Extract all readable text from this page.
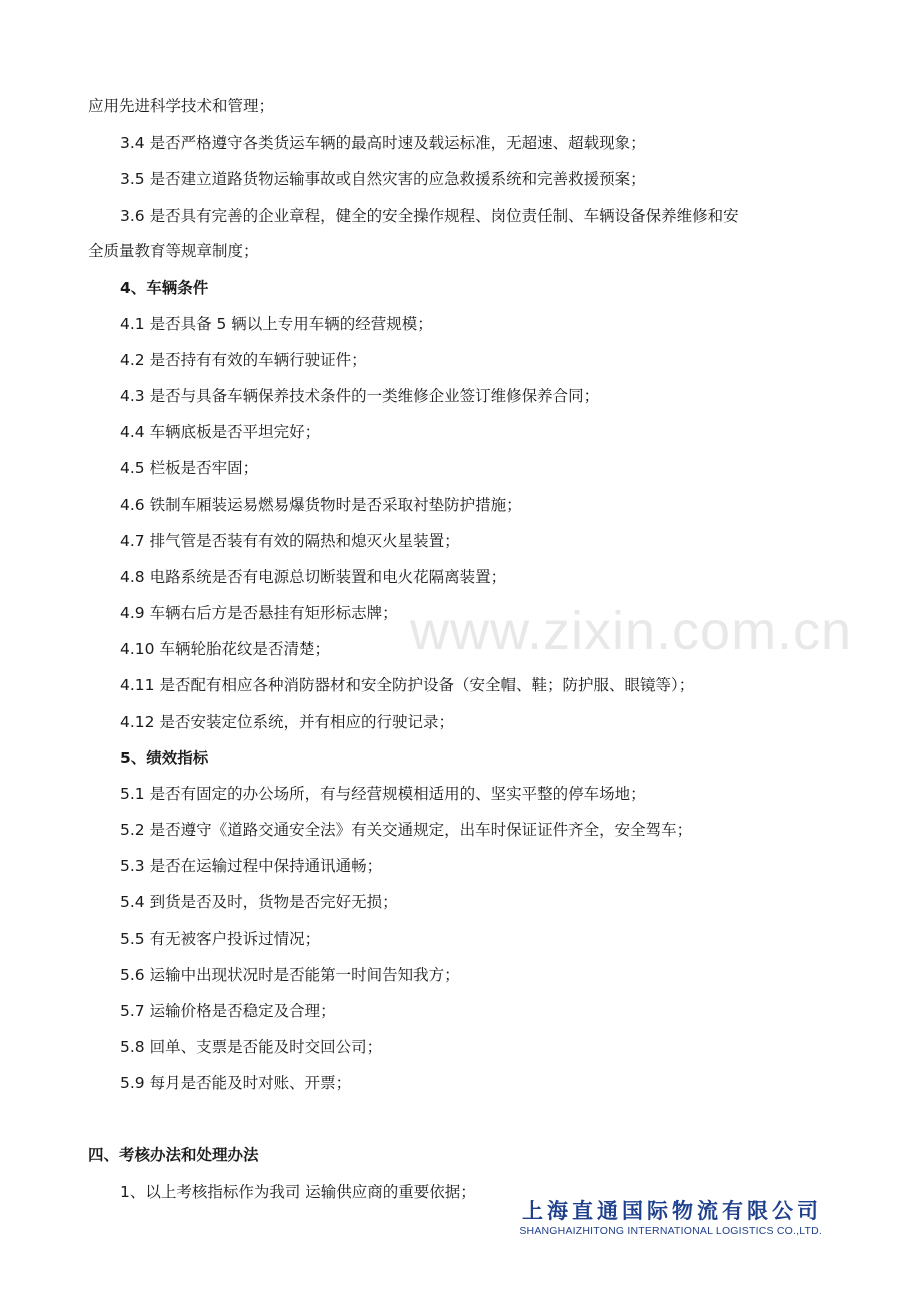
应用先进科学技术和管理；
3.4 是否严格遵守各类货运车辆的最高时速及载运标准，无超速、超载现象；
3.5 是否建立道路货物运输事故或自然灾害的应急救援系统和完善救援预案；
3.6 是否具有完善的企业章程，健全的安全操作规程、岗位责任制、车辆设备保养维修和安
全质量教育等规章制度；
4、车辆条件
4.1 是否具备 5 辆以上专用车辆的经营规模；
4.2 是否持有有效的车辆行驶证件；
4.3 是否与具备车辆保养技术条件的一类维修企业签订维修保养合同；
4.4 车辆底板是否平坦完好；
4.5 栏板是否牢固；
4.6 铁制车厢装运易燃易爆货物时是否采取衬垫防护措施；
4.7 排气管是否装有有效的隔热和熄灭火星装置；
4.8 电路系统是否有电源总切断装置和电火花隔离装置；
4.9 车辆右后方是否悬挂有矩形标志牌；
4.10 车辆轮胎花纹是否清楚；
4.11 是否配有相应各种消防器材和安全防护设备（安全帽、鞋；防护服、眼镜等）；
4.12 是否安装定位系统，并有相应的行驶记录；
5、绩效指标
5.1 是否有固定的办公场所，有与经营规模相适用的、坚实平整的停车场地；
5.2 是否遵守《道路交通安全法》有关交通规定，出车时保证证件齐全，安全驾车；
5.3 是否在运输过程中保持通讯通畅；
5.4 到货是否及时，货物是否完好无损；
5.5 有无被客户投诉过情况；
5.6 运输中出现状况时是否能第一时间告知我方；
5.7 运输价格是否稳定及合理；
5.8 回单、支票是否能及时交回公司；
5.9 每月是否能及时对账、开票；
四、考核办法和处理办法
1、以上考核指标作为我司 运输供应商的重要依据；
www.zixin.com.cn
上海直通国际物流有限公司
SHANGHAIZHITONG INTERNATIONAL LOGISTICS CO.,LTD.
